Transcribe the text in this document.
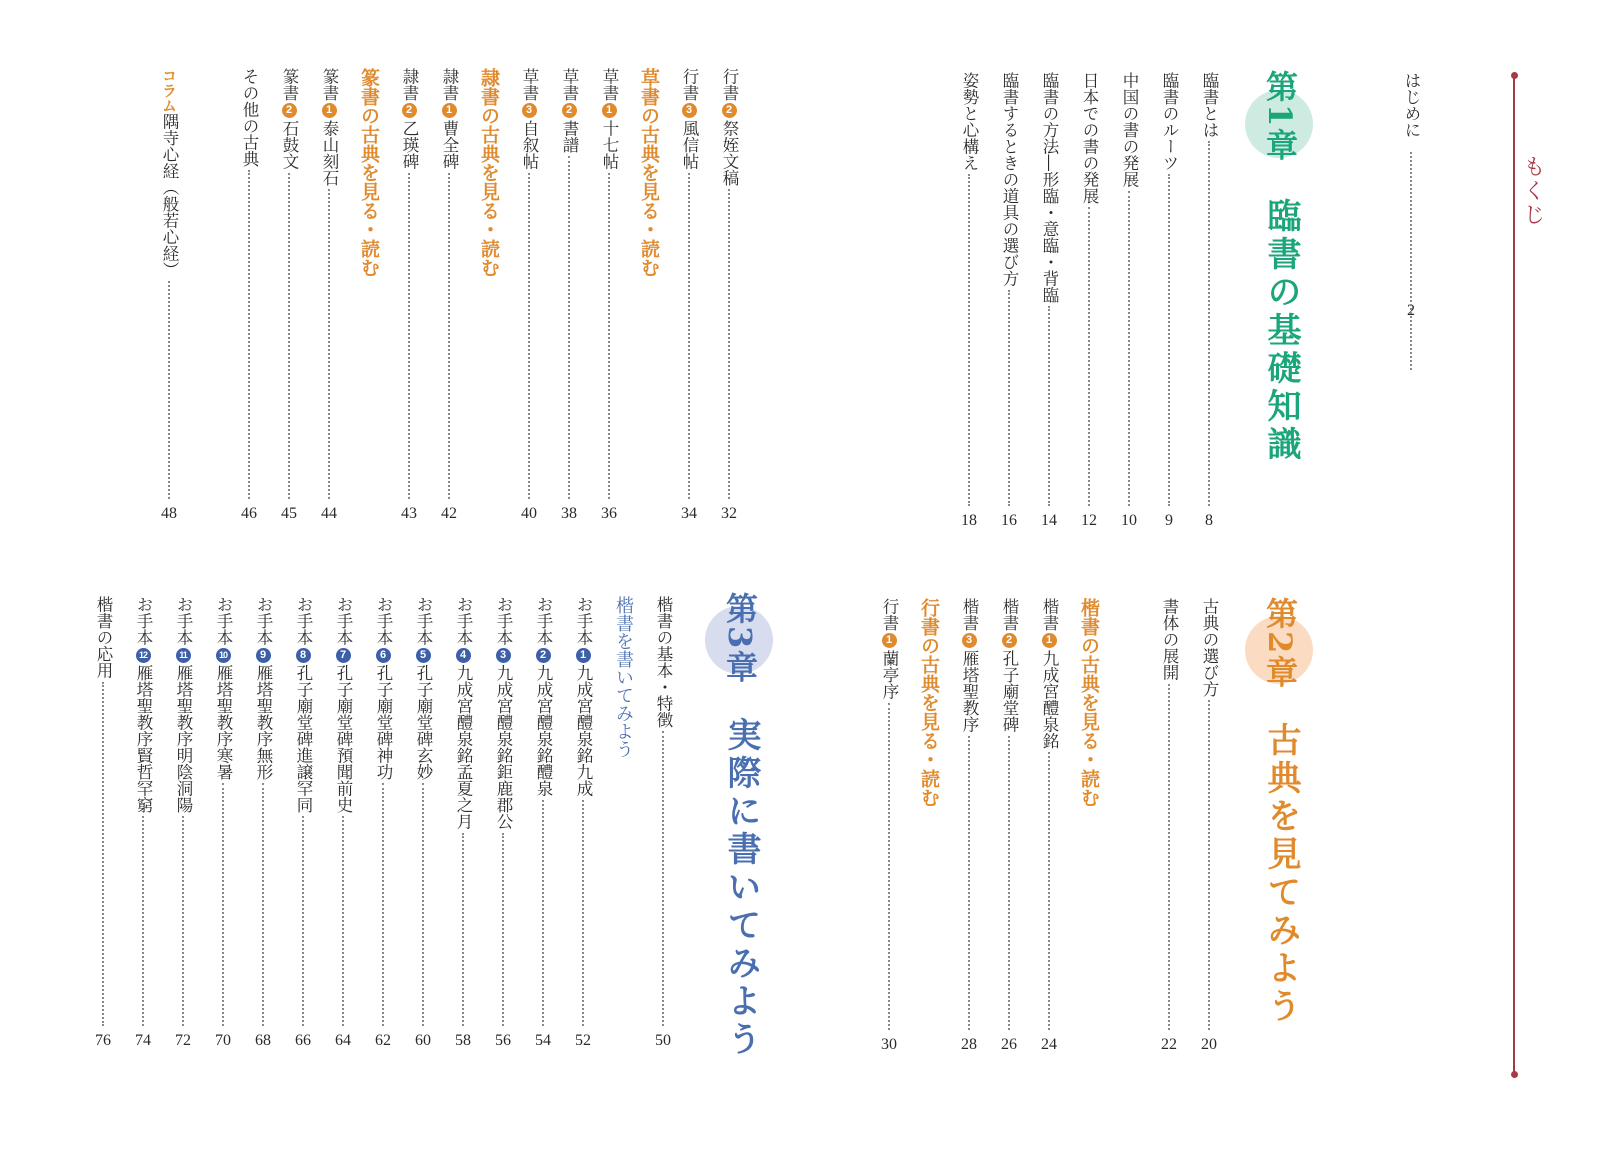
もくじ
はじめに
2
第1章
臨書の基礎知識
臨書とは
8
臨書のルーツ
9
中国の書の発展
10
日本での書の発展
12
臨書の方法―形臨・意臨・背臨
14
臨書するときの道具の選び方
16
姿勢と心構え
18
行書2祭姪文稿
32
行書3風信帖
34
草書の古典を見る・読む
草書1十七帖
36
草書2書譜
38
草書3自叙帖
40
隷書の古典を見る・読む
隷書1曹全碑
42
隷書2乙瑛碑
43
篆書の古典を見る・読む
篆書1泰山刻石
44
篆書2石鼓文
45
その他の古典
46
コラム隅寺心経（般若心経）
48
第2章
古典を見てみよう
古典の選び方
20
書体の展開
22
楷書の古典を見る・読む
楷書1九成宮醴泉銘
24
楷書2孔子廟堂碑
26
楷書3雁塔聖教序
28
行書の古典を見る・読む
行書1蘭亭序
30
第3章
実際に書いてみよう
楷書の基本・特徴
50
楷書を書いてみよう
お手本1九成宮醴泉銘九成
52
お手本2九成宮醴泉銘醴泉
54
お手本3九成宮醴泉銘鉅鹿郡公
56
お手本4九成宮醴泉銘孟夏之月
58
お手本5孔子廟堂碑玄妙
60
お手本6孔子廟堂碑神功
62
お手本7孔子廟堂碑預聞前史
64
お手本8孔子廟堂碑進譲罕同
66
お手本9雁塔聖教序無形
68
お手本10雁塔聖教序寒暑
70
お手本11雁塔聖教序明陰洞陽
72
お手本12雁塔聖教序賢哲罕窮
74
楷書の応用
76
